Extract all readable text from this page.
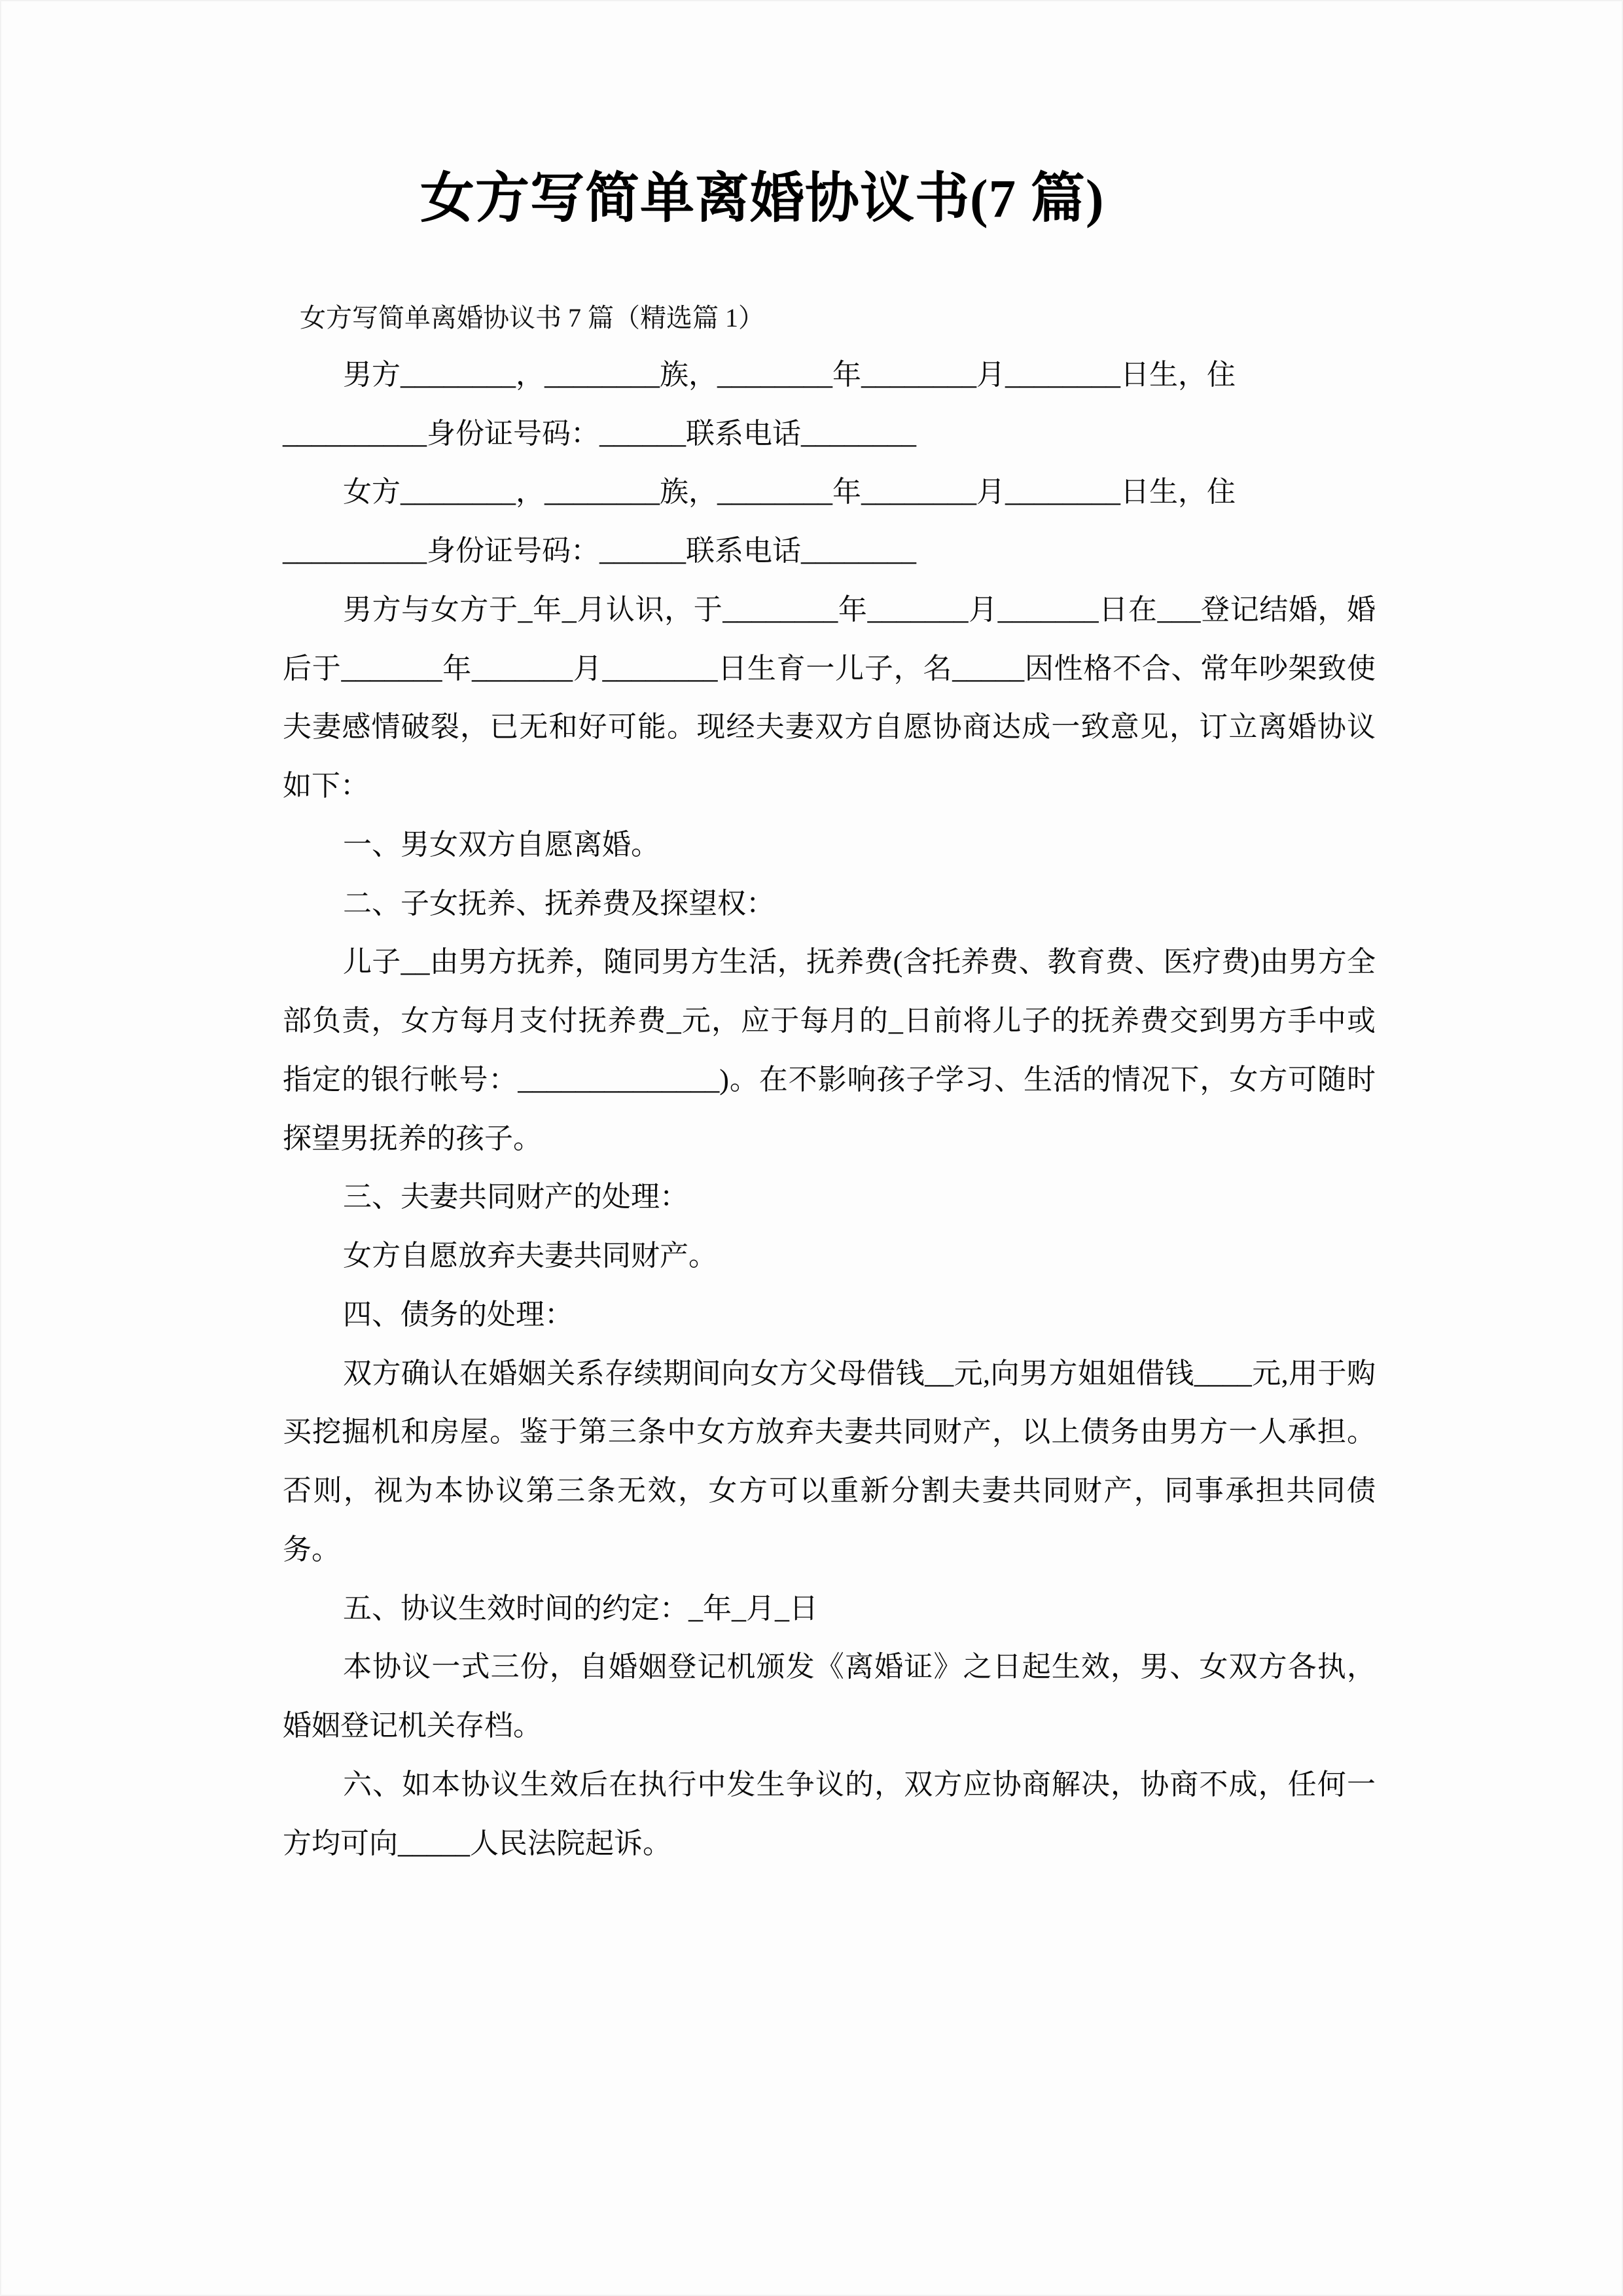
女方写简单离婚协议书(7 篇)
女方写简单离婚协议书 7 篇（精选篇 1）

男方________，________族，________年________月________日生，住

__________身份证号码：______联系电话________

女方________，________族，________年________月________日生，住

__________身份证号码：______联系电话________

男方与女方于_年_月认识，于________年_______月_______日在___登记结婚，婚后于_______年_______月________日生育一儿子，名_____因性格不合、常年吵架致使夫妻感情破裂，已无和好可能。现经夫妻双方自愿协商达成一致意见，订立离婚协议如下：

一、男女双方自愿离婚。

二、子女抚养、抚养费及探望权：

儿子__由男方抚养，随同男方生活，抚养费(含托养费、教育费、医疗费)由男方全部负责，女方每月支付抚养费_元，应于每月的_日前将儿子的抚养费交到男方手中或指定的银行帐号：______________)。在不影响孩子学习、生活的情况下，女方可随时探望男抚养的孩子。

三、夫妻共同财产的处理：

女方自愿放弃夫妻共同财产。

四、债务的处理：

双方确认在婚姻关系存续期间向女方父母借钱__元,向男方姐姐借钱____元,用于购买挖掘机和房屋。鉴于第三条中女方放弃夫妻共同财产，以上债务由男方一人承担。否则，视为本协议第三条无效，女方可以重新分割夫妻共同财产，同事承担共同债务。

五、协议生效时间的约定：_年_月_日

本协议一式三份，自婚姻登记机颁发《离婚证》之日起生效，男、女双方各执，婚姻登记机关存档。

六、如本协议生效后在执行中发生争议的，双方应协商解决，协商不成，任何一方均可向_____人民法院起诉。
